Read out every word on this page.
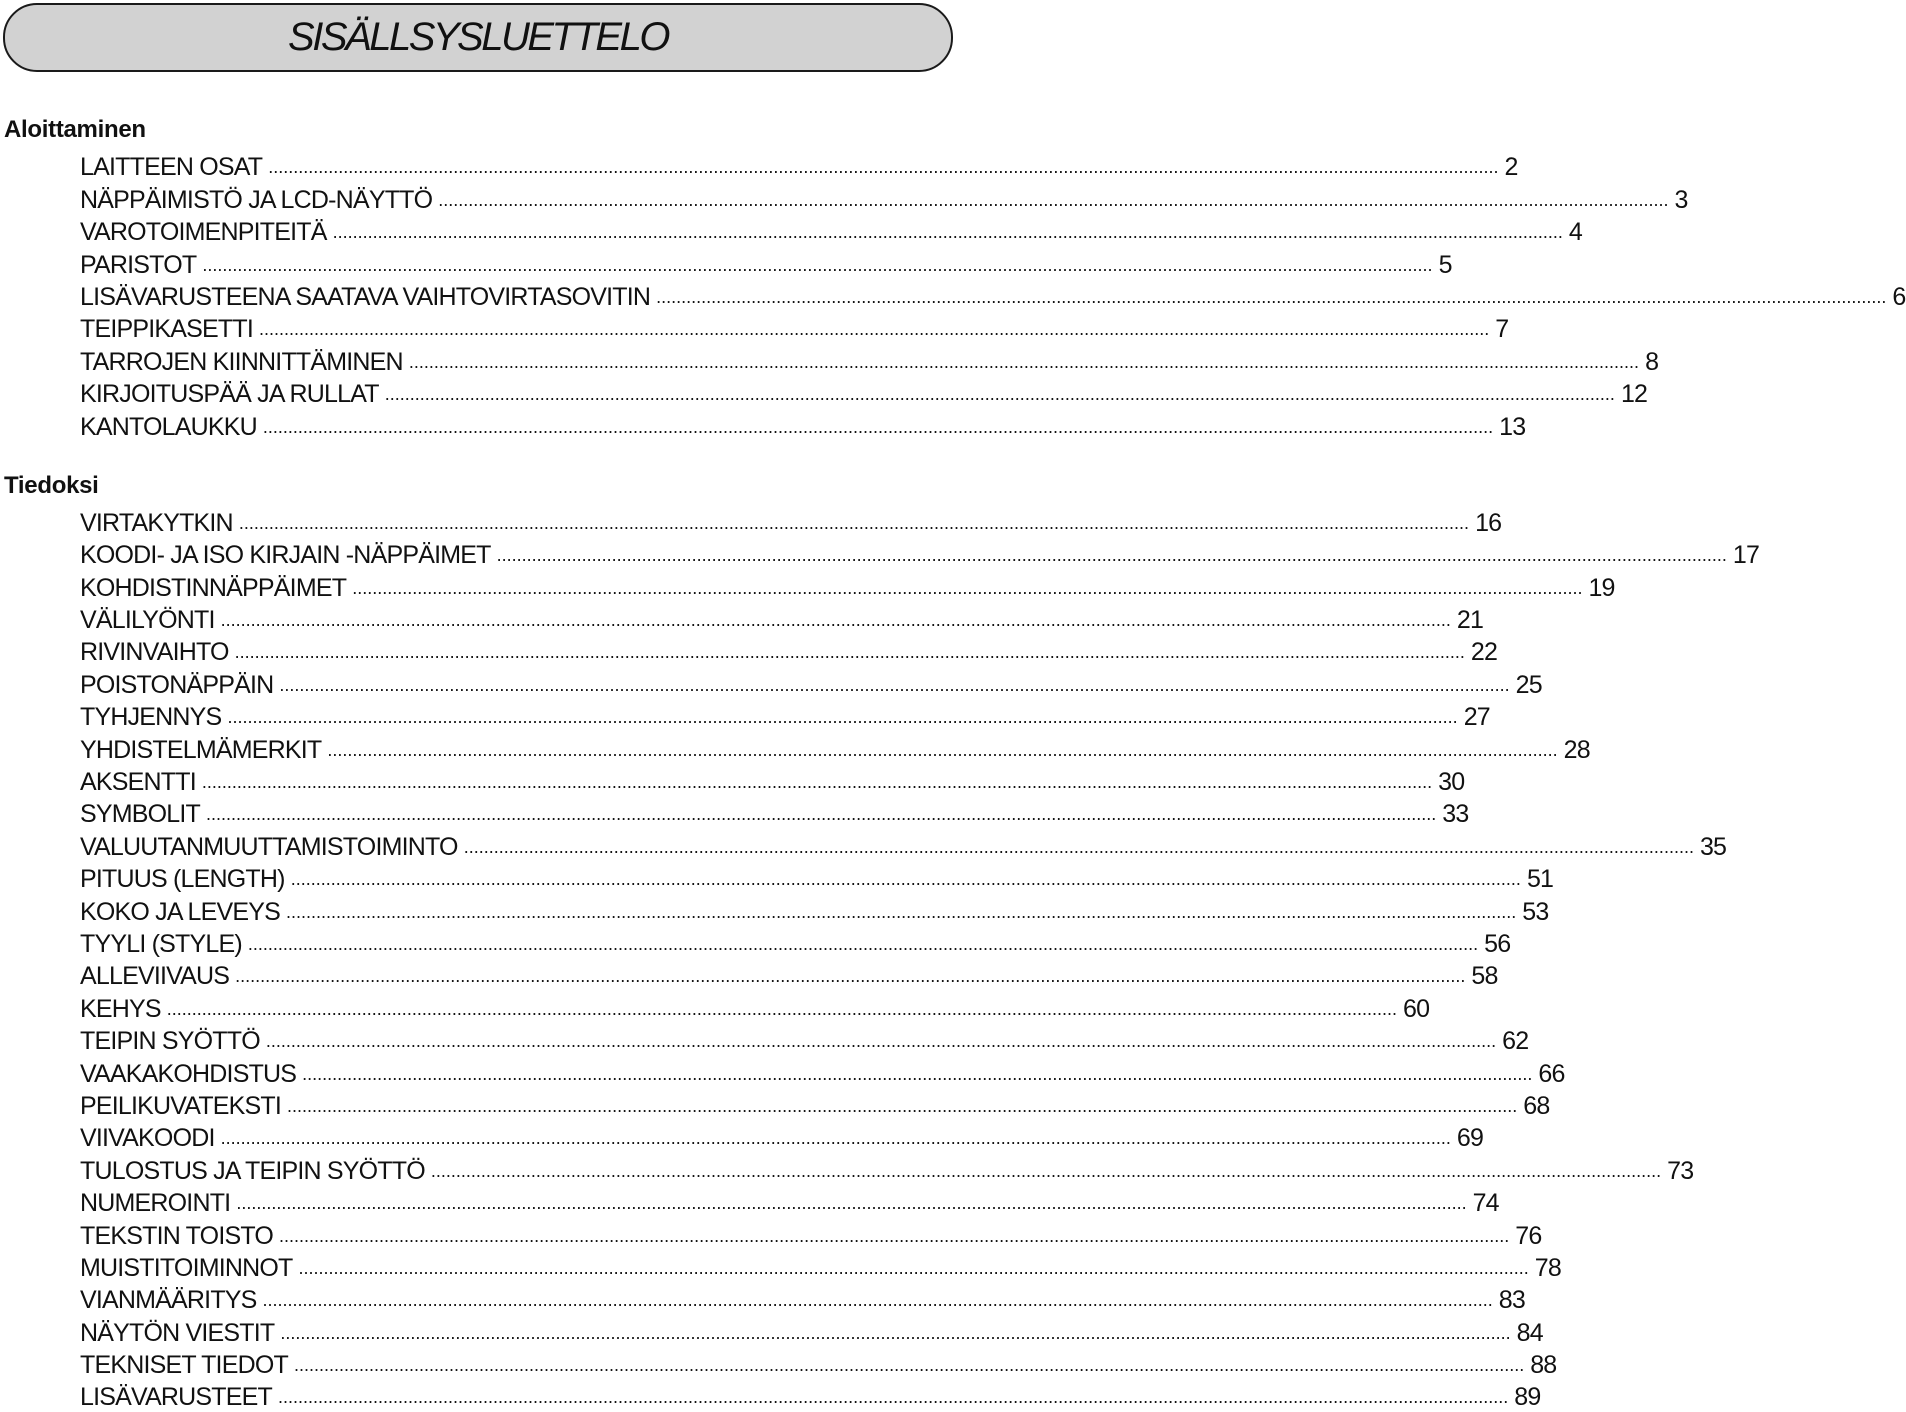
SISÄLLSYSLUETTELO
Aloittaminen
LAITTEEN OSAT ...................................................................................................................................................................................................................................................... 2
NÄPPÄIMISTÖ JA LCD-NÄYTTÖ ...................................................................................................................................................................................................................................................... 3
VAROTOIMENPITEITÄ ...................................................................................................................................................................................................................................................... 4
PARISTOT ...................................................................................................................................................................................................................................................... 5
LISÄVARUSTEENA SAATAVA VAIHTOVIRTASOVITIN ...................................................................................................................................................................................................................................................... 6
TEIPPIKASETTI ...................................................................................................................................................................................................................................................... 7
TARROJEN KIINNITTÄMINEN ...................................................................................................................................................................................................................................................... 8
KIRJOITUSPÄÄ JA RULLAT ...................................................................................................................................................................................................................................................... 12
KANTOLAUKKU ...................................................................................................................................................................................................................................................... 13
Tiedoksi
VIRTAKYTKIN ...................................................................................................................................................................................................................................................... 16
KOODI- JA ISO KIRJAIN -NÄPPÄIMET ...................................................................................................................................................................................................................................................... 17
KOHDISTINNÄPPÄIMET ...................................................................................................................................................................................................................................................... 19
VÄLILYÖNTI ...................................................................................................................................................................................................................................................... 21
RIVINVAIHTO ...................................................................................................................................................................................................................................................... 22
POISTONÄPPÄIN ...................................................................................................................................................................................................................................................... 25
TYHJENNYS ...................................................................................................................................................................................................................................................... 27
YHDISTELMÄMERKIT ...................................................................................................................................................................................................................................................... 28
AKSENTTI ...................................................................................................................................................................................................................................................... 30
SYMBOLIT ...................................................................................................................................................................................................................................................... 33
VALUUTANMUUTTAMISTOIMINTO ...................................................................................................................................................................................................................................................... 35
PITUUS (LENGTH) ...................................................................................................................................................................................................................................................... 51
KOKO JA LEVEYS ...................................................................................................................................................................................................................................................... 53
TYYLI (STYLE) ...................................................................................................................................................................................................................................................... 56
ALLEVIIVAUS ...................................................................................................................................................................................................................................................... 58
KEHYS ...................................................................................................................................................................................................................................................... 60
TEIPIN SYÖTTÖ ...................................................................................................................................................................................................................................................... 62
VAAKAKOHDISTUS ...................................................................................................................................................................................................................................................... 66
PEILIKUVATEKSTI ...................................................................................................................................................................................................................................................... 68
VIIVAKOODI ...................................................................................................................................................................................................................................................... 69
TULOSTUS JA TEIPIN SYÖTTÖ ...................................................................................................................................................................................................................................................... 73
NUMEROINTI ...................................................................................................................................................................................................................................................... 74
TEKSTIN TOISTO ...................................................................................................................................................................................................................................................... 76
MUISTITOIMINNOT ...................................................................................................................................................................................................................................................... 78
VIANMÄÄRITYS ...................................................................................................................................................................................................................................................... 83
NÄYTÖN VIESTIT ...................................................................................................................................................................................................................................................... 84
TEKNISET TIEDOT ...................................................................................................................................................................................................................................................... 88
LISÄVARUSTEET ...................................................................................................................................................................................................................................................... 89
